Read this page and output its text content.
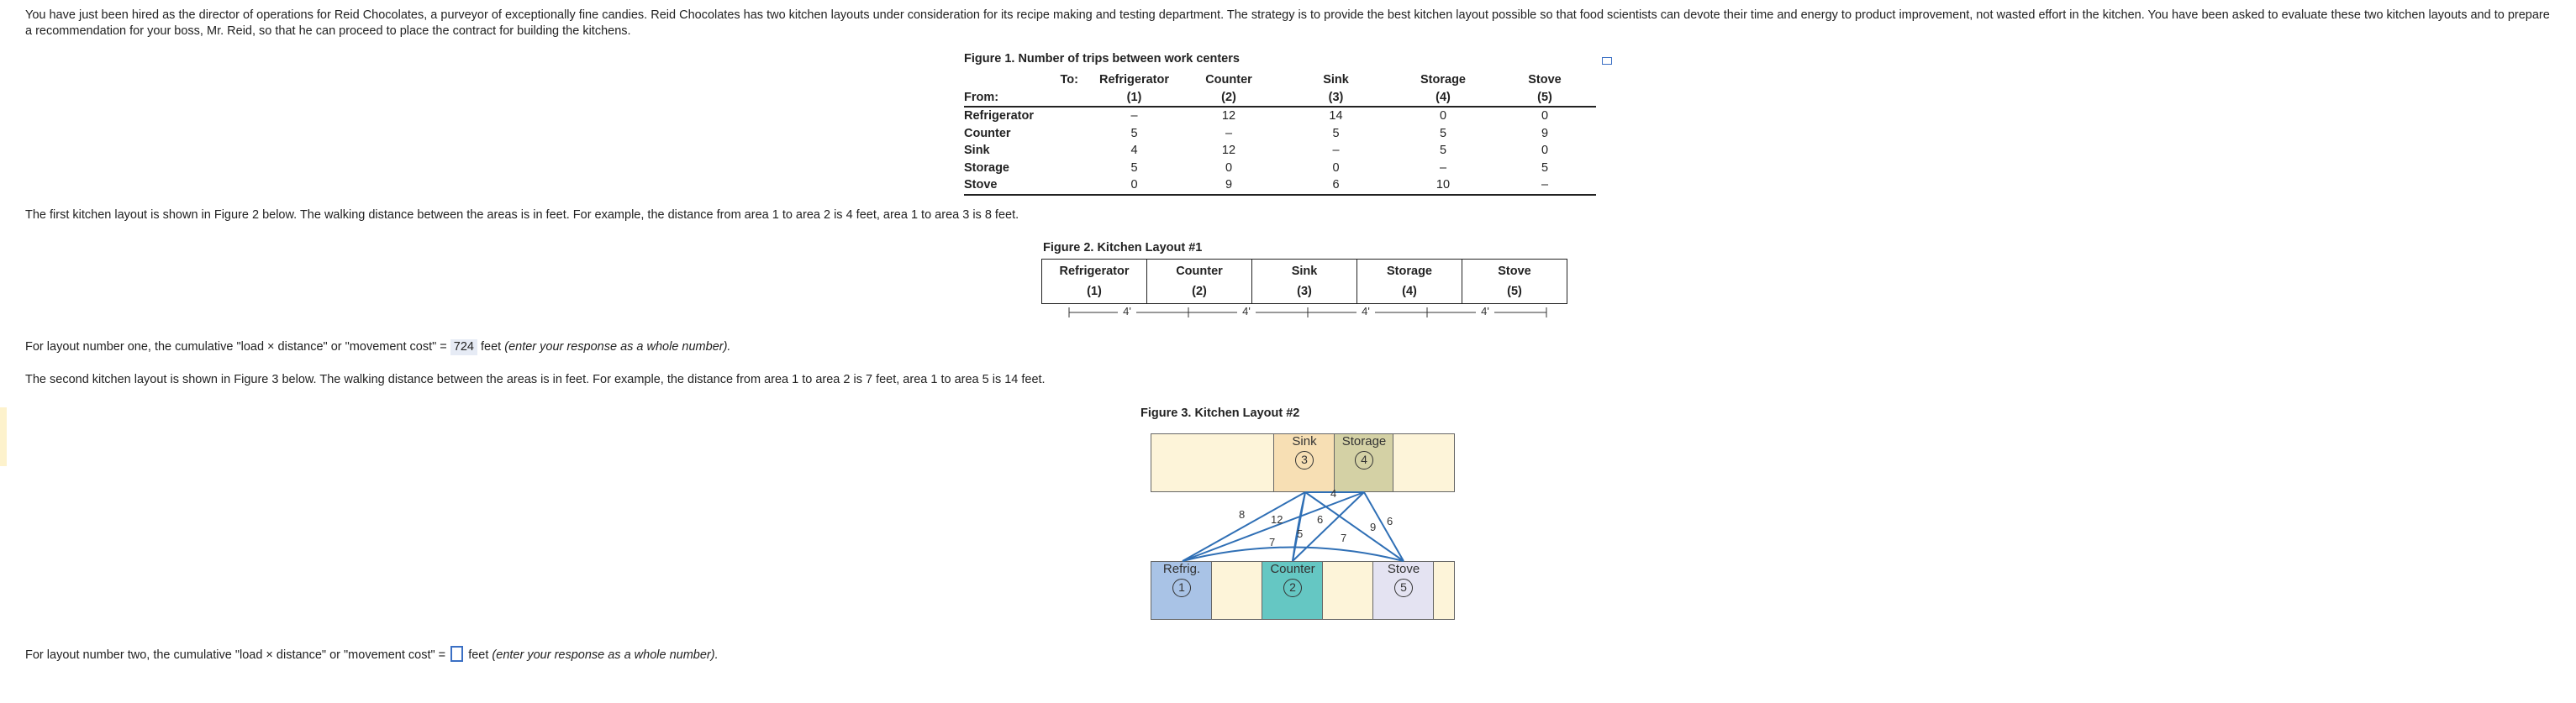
You have just been hired as the director of operations for Reid Chocolates, a purveyor of exceptionally fine candies. Reid Chocolates has two kitchen layouts under consideration for its recipe making and testing department. The strategy is to provide the best kitchen layout possible so that food scientists can devote their time and energy to product improvement, not wasted effort in the kitchen. You have been asked to evaluate these two kitchen layouts and to prepare a recommendation for your boss, Mr. Reid, so that he can proceed to place the contract for building the kitchens.
Figure 1. Number of trips between work centers
To:	Refrigerator	Counter	Sink	Storage	Stove
From:	(1)	(2)	(3)	(4)	(5)
Refrigerator	–	12	14	0	0
Counter	5	–	5	5	9
Sink	4	12	–	5	0
Storage	5	0	0	–	5
Stove	0	9	6	10	–
The first kitchen layout is shown in Figure 2 below. The walking distance between the areas is in feet. For example, the distance from area 1 to area 2 is 4 feet, area 1 to area 3 is 8 feet.
Figure 2. Kitchen Layout #1
Refrigerator
(1)

Counter
(2)

Sink
(3)

Storage
(4)

Stove
(5)
4'	4'	4'	4'
For layout number one, the cumulative "load × distance" or "movement cost" = 724 feet (enter your response as a whole number).
The second kitchen layout is shown in Figure 3 below. The walking distance between the areas is in feet. For example, the distance from area 1 to area 2 is 7 feet, area 1 to area 5 is 14 feet.
Figure 3. Kitchen Layout #2
Sink
3
Storage
4
Refrig.
1
Counter
2
Stove
5
8 12
7
5
6
4
7
9 6
For layout number two, the cumulative "load × distance" or "movement cost" =  feet (enter your response as a whole number).
